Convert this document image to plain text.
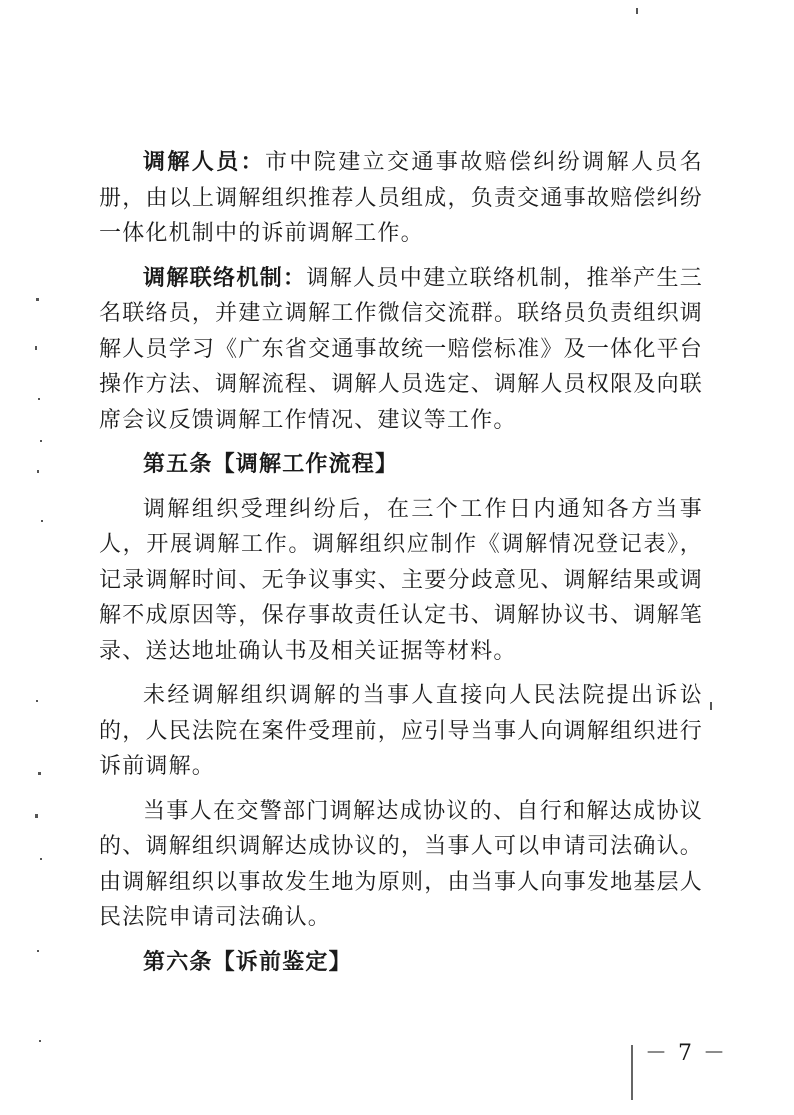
调解人员：市中院建立交通事故赔偿纠纷调解人员名册，由以上调解组织推荐人员组成，负责交通事故赔偿纠纷一体化机制中的诉前调解工作。

调解联络机制：调解人员中建立联络机制，推举产生三名联络员，并建立调解工作微信交流群。联络员负责组织调解人员学习《广东省交通事故统一赔偿标准》及一体化平台操作方法、调解流程、调解人员选定、调解人员权限及向联席会议反馈调解工作情况、建议等工作。

第五条【调解工作流程】

调解组织受理纠纷后，在三个工作日内通知各方当事人，开展调解工作。调解组织应制作《调解情况登记表》，记录调解时间、无争议事实、主要分歧意见、调解结果或调解不成原因等，保存事故责任认定书、调解协议书、调解笔录、送达地址确认书及相关证据等材料。

未经调解组织调解的当事人直接向人民法院提出诉讼的，人民法院在案件受理前，应引导当事人向调解组织进行诉前调解。

当事人在交警部门调解达成协议的、自行和解达成协议的、调解组织调解达成协议的，当事人可以申请司法确认。由调解组织以事故发生地为原则，由当事人向事发地基层人民法院申请司法确认。

第六条【诉前鉴定】

－ 7 －
